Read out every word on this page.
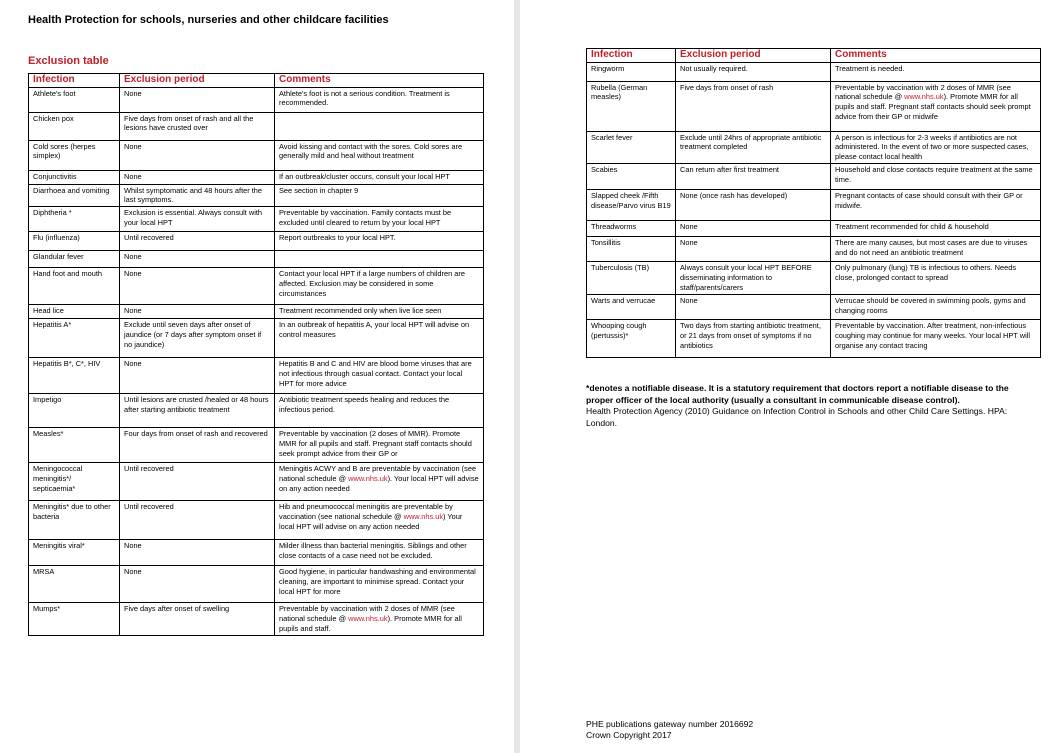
Health Protection for schools, nurseries and other childcare facilities
Exclusion table
Infection	Exclusion period	Comments
Athlete's foot	None	Athlete's foot is not a serious condition. Treatment is recommended.
Chicken pox	Five days from onset of rash and all the lesions have crusted over	
Cold sores (herpes simplex)	None	Avoid kissing and contact with the sores. Cold sores are generally mild and heal without treatment
Conjunctivitis	None	If an outbreak/cluster occurs, consult your local HPT
Diarrhoea and vomiting	Whilst symptomatic and 48 hours after the last symptoms.	See section in chapter 9
Diphtheria *	Exclusion is essential. Always consult with your local HPT	Preventable by vaccination. Family contacts must be excluded until cleared to return by your local HPT
Flu (influenza)	Until recovered	Report outbreaks to your local HPT.
Glandular fever	None	
Hand foot and mouth	None	Contact your local HPT if a large numbers of children are affected. Exclusion may be considered in some circumstances
Head lice	None	Treatment recommended only when live lice seen
Hepatitis A*	Exclude until seven days after onset of jaundice (or 7 days after symptom onset if no jaundice)	In an outbreak of hepatitis A, your local HPT will advise on control measures
Hepatitis B*, C*, HIV	None	Hepatitis B and C and HIV are blood borne viruses that are not infectious through casual contact. Contact your local HPT for more advice
Impetigo	Until lesions are crusted /healed or 48 hours after starting antibiotic treatment	Antibiotic treatment speeds healing and reduces the infectious period.
Measles*	Four days from onset of rash and recovered	Preventable by vaccination (2 doses of MMR). Promote MMR for all pupils and staff. Pregnant staff contacts should seek prompt advice from their GP or
Meningococcal meningitis*/ septicaemia*	Until recovered	Meningitis ACWY and B are preventable by vaccination (see national schedule @ www.nhs.uk). Your local HPT will advise on any action needed
Meningitis* due to other bacteria	Until recovered	Hib and pneumococcal meningitis are preventable by vaccination (see national schedule @ www.nhs.uk) Your local HPT will advise on any action needed
Meningitis viral*	None	Milder illness than bacterial meningitis. Siblings and other close contacts of a case need not be excluded.
MRSA	None	Good hygiene, in particular handwashing and environmental cleaning, are important to minimise spread. Contact your local HPT for more
Mumps*	Five days after onset of swelling	Preventable by vaccination with 2 doses of MMR (see national schedule @ www.nhs.uk). Promote MMR for all pupils and staff.
Infection	Exclusion period	Comments
Ringworm	Not usually required.	Treatment is needed.
Rubella (German measles)	Five days from onset of rash	Preventable by vaccination with 2 doses of MMR (see national schedule @ www.nhs.uk). Promote MMR for all pupils and staff. Pregnant staff contacts should seek prompt advice from their GP or midwife
Scarlet fever	Exclude until 24hrs of appropriate antibiotic treatment completed	A person is infectious for 2-3 weeks if antibiotics are not administered. In the event of two or more suspected cases, please contact local health
Scabies	Can return after first treatment	Household and close contacts require treatment at the same time.
Slapped cheek /Fifth disease/Parvo virus B19	None (once rash has developed)	Pregnant contacts of case should consult with their GP or midwife.
Threadworms	None	Treatment recommended for child & household
Tonsillitis	None	There are many causes, but most cases are due to viruses and do not need an antibiotic treatment
Tuberculosis (TB)	Always consult your local HPT BEFORE disseminating information to staff/parents/carers	Only pulmonary (lung) TB is infectious to others. Needs close, prolonged contact to spread
Warts and verrucae	None	Verrucae should be covered in swimming pools, gyms and changing rooms
Whooping cough (pertussis)*	Two days from starting antibiotic treatment, or 21 days from onset of symptoms if no antibiotics	Preventable by vaccination. After treatment, non-infectious coughing may continue for many weeks. Your local HPT will organise any contact tracing
*denotes a notifiable disease. It is a statutory requirement that doctors report a notifiable disease to the proper officer of the local authority (usually a consultant in communicable disease control).
Health Protection Agency (2010) Guidance on Infection Control in Schools and other Child Care Settings. HPA: London.
PHE publications gateway number 2016692
Crown Copyright 2017
